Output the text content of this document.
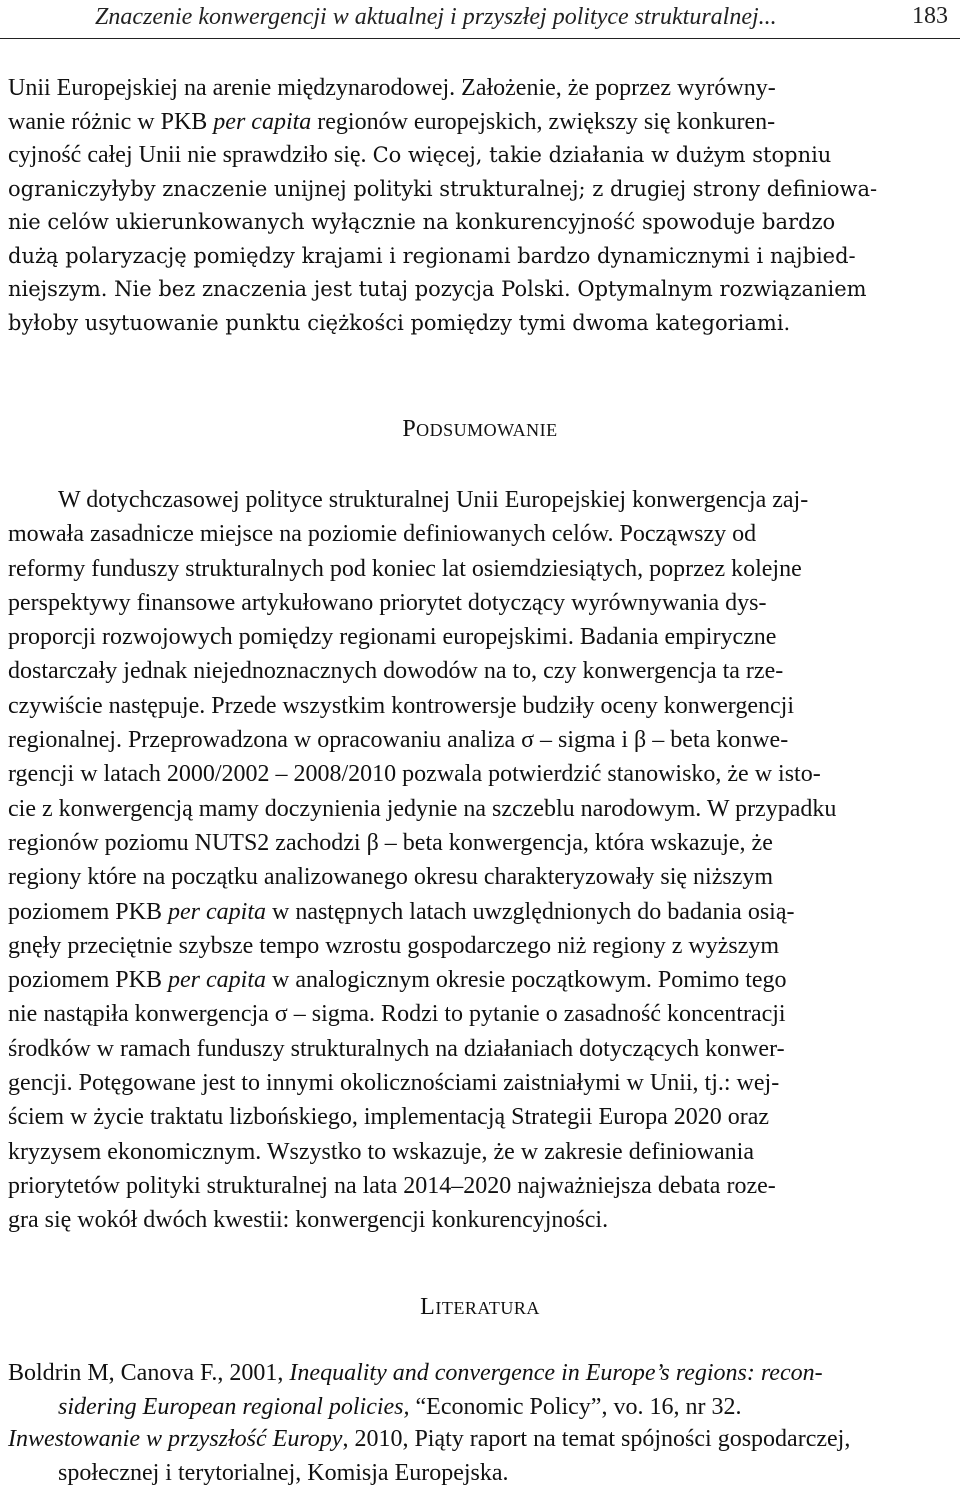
Znaczenie konwergencji w aktualnej i przyszłej polityce strukturalnej...	183

Unii Europejskiej na arenie międzynarodowej. Założenie, że poprzez wyrówny-
wanie różnic w PKB per capita regionów europejskich, zwiększy się konkuren-
cyjność całej Unii nie sprawdziło się. Co więcej, takie działania w dużym stopniu
ograniczyłyby znaczenie unijnej polityki strukturalnej; z drugiej strony definiowa-
nie celów ukierunkowanych wyłącznie na konkurencyjność spowoduje bardzo
dużą polaryzację pomiędzy krajami i regionami bardzo dynamicznymi i najbied-
niejszym. Nie bez znaczenia jest tutaj pozycja Polski. Optymalnym rozwiązaniem
byłoby usytuowanie punktu ciężkości pomiędzy tymi dwoma kategoriami.

PODSUMOWANIE

W dotychczasowej polityce strukturalnej Unii Europejskiej konwergencja zaj-
mowała zasadnicze miejsce na poziomie definiowanych celów. Począwszy od
reformy funduszy strukturalnych pod koniec lat osiemdziesiątych, poprzez kolejne
perspektywy finansowe artykułowano priorytet dotyczący wyrównywania dys-
proporcji rozwojowych pomiędzy regionami europejskimi. Badania empiryczne
dostarczały jednak niejednoznacznych dowodów na to, czy konwergencja ta rze-
czywiście następuje. Przede wszystkim kontrowersje budziły oceny konwergencji
regionalnej. Przeprowadzona w opracowaniu analiza σ – sigma i β – beta konwe-
rgencji w latach 2000/2002 – 2008/2010 pozwala potwierdzić stanowisko, że w isto-
cie z konwergencją mamy doczynienia jedynie na szczeblu narodowym. W przypadku
regionów poziomu NUTS2 zachodzi β – beta konwergencja, która wskazuje, że
regiony które na początku analizowanego okresu charakteryzowały się niższym
poziomem PKB per capita w następnych latach uwzględnionych do badania osią-
gnęły przeciętnie szybsze tempo wzrostu gospodarczego niż regiony z wyższym
poziomem PKB per capita w analogicznym okresie początkowym. Pomimo tego
nie nastąpiła konwergencja σ – sigma. Rodzi to pytanie o zasadność koncentracji
środków w ramach funduszy strukturalnych na działaniach dotyczących konwer-
gencji. Potęgowane jest to innymi okolicznościami zaistniałymi w Unii, tj.: wej-
ściem w życie traktatu lizbońskiego, implementacją Strategii Europa 2020 oraz
kryzysem ekonomicznym. Wszystko to wskazuje, że w zakresie definiowania
priorytetów polityki strukturalnej na lata 2014–2020 najważniejsza debata roze-
gra się wokół dwóch kwestii: konwergencji konkurencyjności.

LITERATURA

Boldrin M, Canova F., 2001, Inequality and convergence in Europe’s regions: recon-
sidering European regional policies, “Economic Policy”, vo. 16, nr 32.

Inwestowanie w przyszłość Europy, 2010, Piąty raport na temat spójności gospodarczej,
społecznej i terytorialnej, Komisja Europejska.
